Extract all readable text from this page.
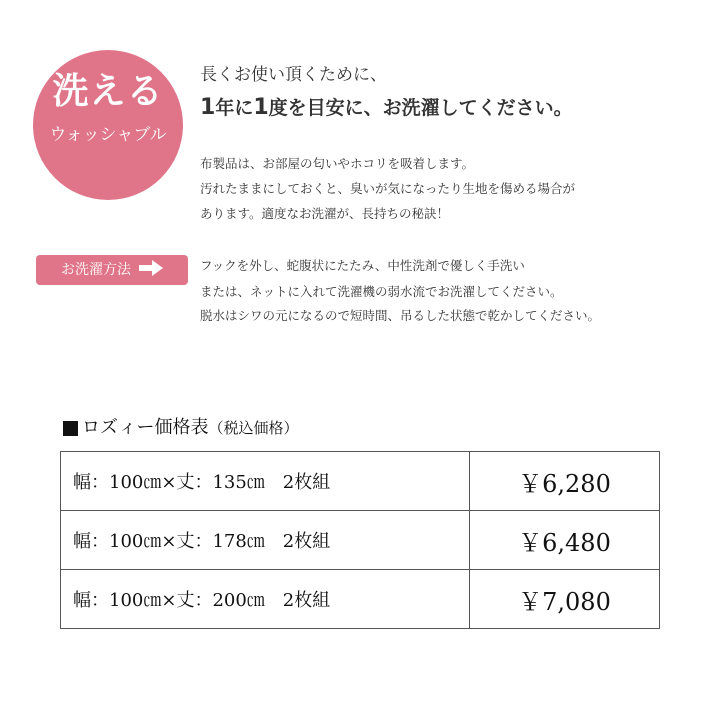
洗える
ウォッシャブル
長くお使い頂くために、
1年に1度を目安に、お洗濯してください。
布製品は、お部屋の匂いやホコリを吸着します。
汚れたままにしておくと、臭いが気になったり生地を傷める場合が
あります。適度なお洗濯が、長持ちの秘訣！
お洗濯方法	フックを外し、蛇腹状にたたみ、中性洗剤で優しく手洗い
または、ネットに入れて洗濯機の弱水流でお洗濯してください。
脱水はシワの元になるので短時間、吊るした状態で乾かしてください。
ロズィー価格表 （税込価格）
幅：100㎝×丈：135㎝　2枚組	￥6,280
幅：100㎝×丈：178㎝　2枚組	￥6,480
幅：100㎝×丈：200㎝　2枚組	￥7,080
